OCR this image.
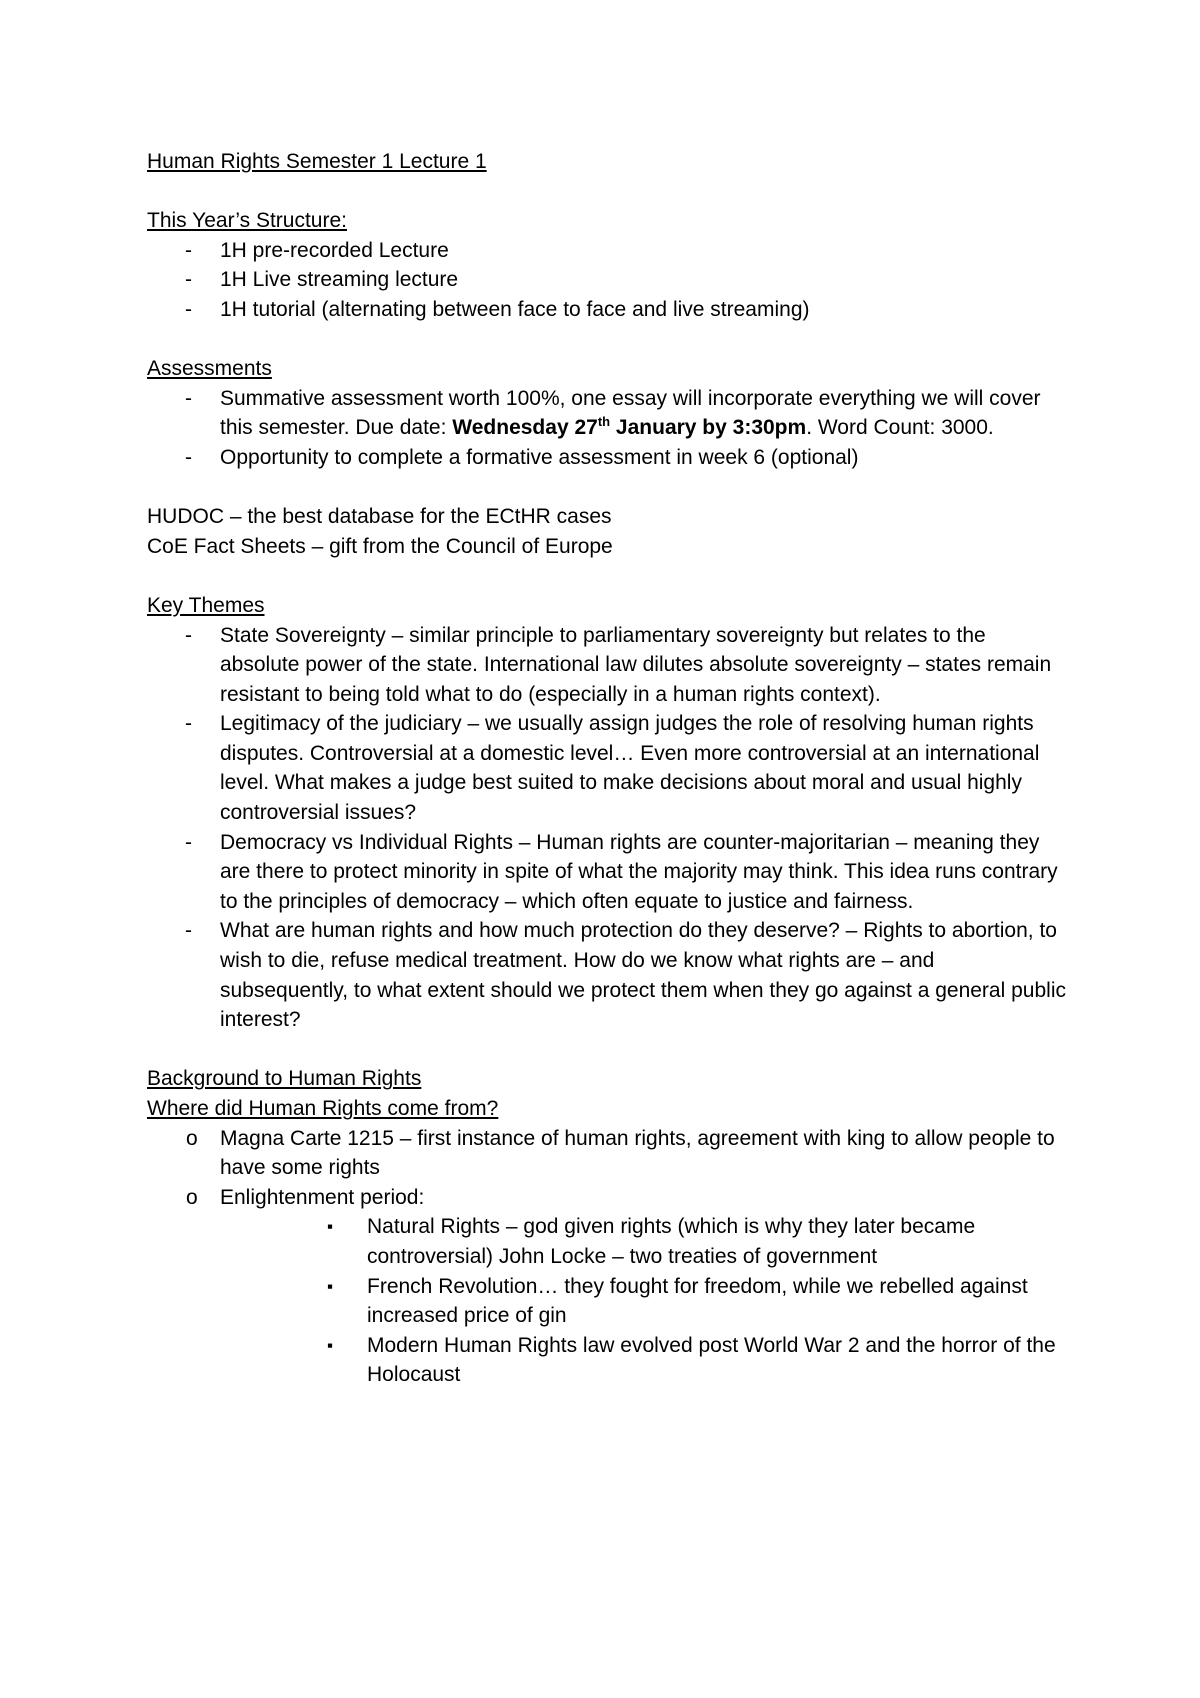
Human Rights Semester 1 Lecture 1

This Year’s Structure:

- 1H pre-recorded Lecture
- 1H Live streaming lecture
- 1H tutorial (alternating between face to face and live streaming)

Assessments

- Summative assessment worth 100%, one essay will incorporate everything we will cover this semester. Due date: Wednesday 27th January by 3:30pm. Word Count: 3000.
- Opportunity to complete a formative assessment in week 6 (optional)

HUDOC – the best database for the ECtHR cases

CoE Fact Sheets – gift from the Council of Europe

Key Themes

- State Sovereignty – similar principle to parliamentary sovereignty but relates to the absolute power of the state. International law dilutes absolute sovereignty – states remain resistant to being told what to do (especially in a human rights context).
- Legitimacy of the judiciary – we usually assign judges the role of resolving human rights disputes. Controversial at a domestic level… Even more controversial at an international level. What makes a judge best suited to make decisions about moral and usual highly controversial issues?
- Democracy vs Individual Rights – Human rights are counter-majoritarian – meaning they are there to protect minority in spite of what the majority may think. This idea runs contrary to the principles of democracy – which often equate to justice and fairness.
- What are human rights and how much protection do they deserve? – Rights to abortion, to wish to die, refuse medical treatment. How do we know what rights are – and subsequently, to what extent should we protect them when they go against a general public interest?

Background to Human Rights

Where did Human Rights come from?

o Magna Carte 1215 – first instance of human rights, agreement with king to allow people to have some rights
o Enlightenment period:
▪ Natural Rights – god given rights (which is why they later became controversial) John Locke – two treaties of government
▪ French Revolution… they fought for freedom, while we rebelled against increased price of gin
▪ Modern Human Rights law evolved post World War 2 and the horror of the Holocaust
